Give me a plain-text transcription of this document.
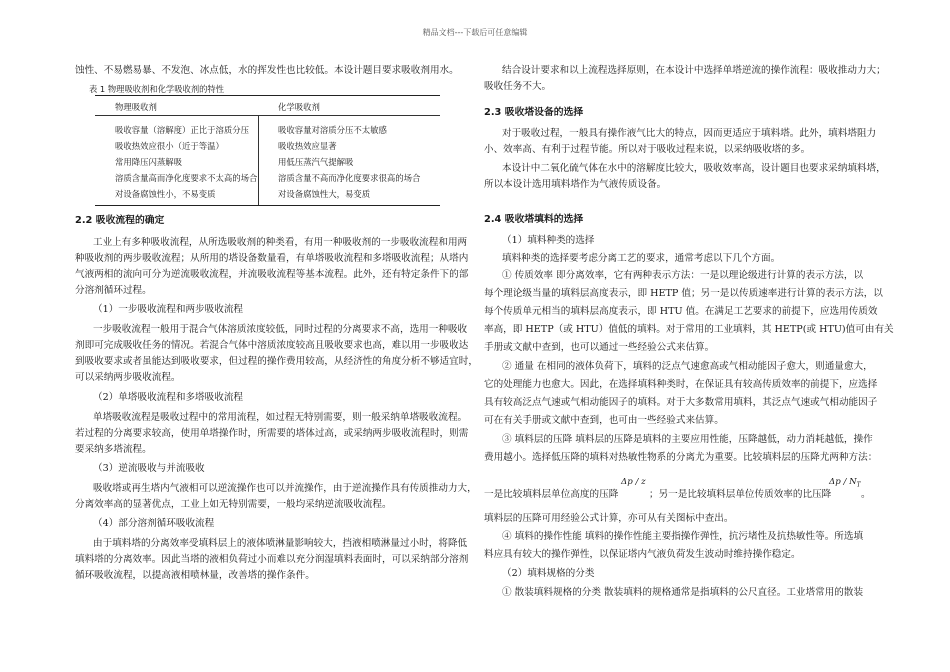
精品文档---下载后可任意编辑
蚀性、不易燃易暴、不发泡、冰点低，水的挥发性也比较低。本设计题目要求吸收剂用水。
表 1 物理吸收剂和化学吸收剂的特性
物理吸收剂	化学吸收剂
吸收容量（溶解度）正比于溶质分压	吸收容量对溶质分压不太敏感
吸收热效应很小（近于等温）	吸收热效应显著
常用降压闪蒸解吸	用低压蒸汽气提解吸
溶质含量高而净化度要求不太高的场合 溶质含量不高而净化度要求很高的场合
对设备腐蚀性小，不易变质	对设备腐蚀性大，易变质
2.2 吸收流程的确定
工业上有多种吸收流程，从所选吸收剂的种类看，有用一种吸收剂的一步吸收流程和用两
种吸收剂的两步吸收流程；从所用的塔设备数量看，有单塔吸收流程和多塔吸收流程；从塔内
气液两相的流向可分为逆流吸收流程，并流吸收流程等基本流程。此外，还有特定条件下的部
分溶剂循环过程。
（1）一步吸收流程和两步吸收流程
一步吸收流程一般用于混合气体溶质浓度较低，同时过程的分离要求不高，选用一种吸收
剂即可完成吸收任务的情况。若混合气体中溶质浓度较高且吸收要求也高，难以用一步吸收达
到吸收要求或者虽能达到吸收要求，但过程的操作费用较高，从经济性的角度分析不够适宜时，
可以采纳两步吸收流程。
（2）单塔吸收流程和多塔吸收流程
单塔吸收流程是吸收过程中的常用流程，如过程无特别需要，则一般采纳单塔吸收流程。
若过程的分离要求较高，使用单塔操作时，所需要的塔体过高，或采纳两步吸收流程时，则需
要采纳多塔流程。
（3）逆流吸收与并流吸收
吸收塔或再生塔内气液相可以逆流操作也可以并流操作，由于逆流操作具有传质推动力大，
分离效率高的显著优点，工业上如无特别需要，一般均采纳逆流吸收流程。
（4）部分溶剂循环吸收流程
由于填料塔的分离效率受填料层上的液体喷淋量影响较大，挡液相喷淋量过小时，将降低
填料塔的分离效率。因此当塔的液相负荷过小而难以充分润湿填料表面时，可以采纳部分溶剂
循环吸收流程，以提高液相喷林量，改善塔的操作条件。
结合设计要求和以上流程选择原则，在本设计中选择单塔逆流的操作流程：吸收推动力大；
吸收任务不大。
2.3 吸收塔设备的选择
对于吸收过程，一般具有操作液气比大的特点，因而更适应于填料塔。此外，填料塔阻力
小、效率高、有利于过程节能。所以对于吸收过程来说，以采纳吸收塔的多。
本设计中二氧化硫气体在水中的溶解度比较大，吸收效率高，设计题目也要求采纳填料塔，
所以本设计选用填料塔作为气液传质设备。
2.4 吸收塔填料的选择
（1）填料种类的选择
填料种类的选择要考虑分离工艺的要求，通常考虑以下几个方面。
① 传质效率 即分离效率，它有两种表示方法：一是以理论级进行计算的表示方法，以
每个理论级当量的填料层高度表示，即 HETP 值；另一是以传质速率进行计算的表示方法，以
每个传质单元相当的填料层高度表示，即 HTU 值。在满足工艺要求的前提下，应选用传质效
率高，即 HETP（或 HTU）值低的填料。对于常用的工业填料，其 HETP(或 HTU)值可由有关
手册或文献中查到，也可以通过一些经验公式来估算。
② 通量 在相同的液体负荷下，填料的泛点气速愈高或气相动能因子愈大，则通量愈大，
它的处理能力也愈大。因此，在选择填料种类时，在保证具有较高传质效率的前提下，应选择
具有较高泛点气速或气相动能因子的填料。对于大多数常用填料，其泛点气速或气相动能因子
可在有关手册或文献中查到，也可由一些经验式来估算。
③ 填料层的压降 填料层的压降是填料的主要应用性能，压降越低，动力消耗越低，操作
费用越小。选择低压降的填料对热敏性物系的分离尤为重要。比较填料层的压降尤两种方法：
一是比较填料层单位高度的压降
Δp / z
；另一是比较填料层单位传质效率的比压降
Δp / $N_T$
。
填料层的压降可用经验公式计算，亦可从有关图标中查出。
④ 填料的操作性能 填料的操作性能主要指操作弹性，抗污堵性及抗热敏性等。所选填
料应具有较大的操作弹性，以保证塔内气液负荷发生波动时维持操作稳定。
（2）填料规格的分类
① 散装填料规格的分类 散装填料的规格通常是指填料的公尺直径。工业塔常用的散装
